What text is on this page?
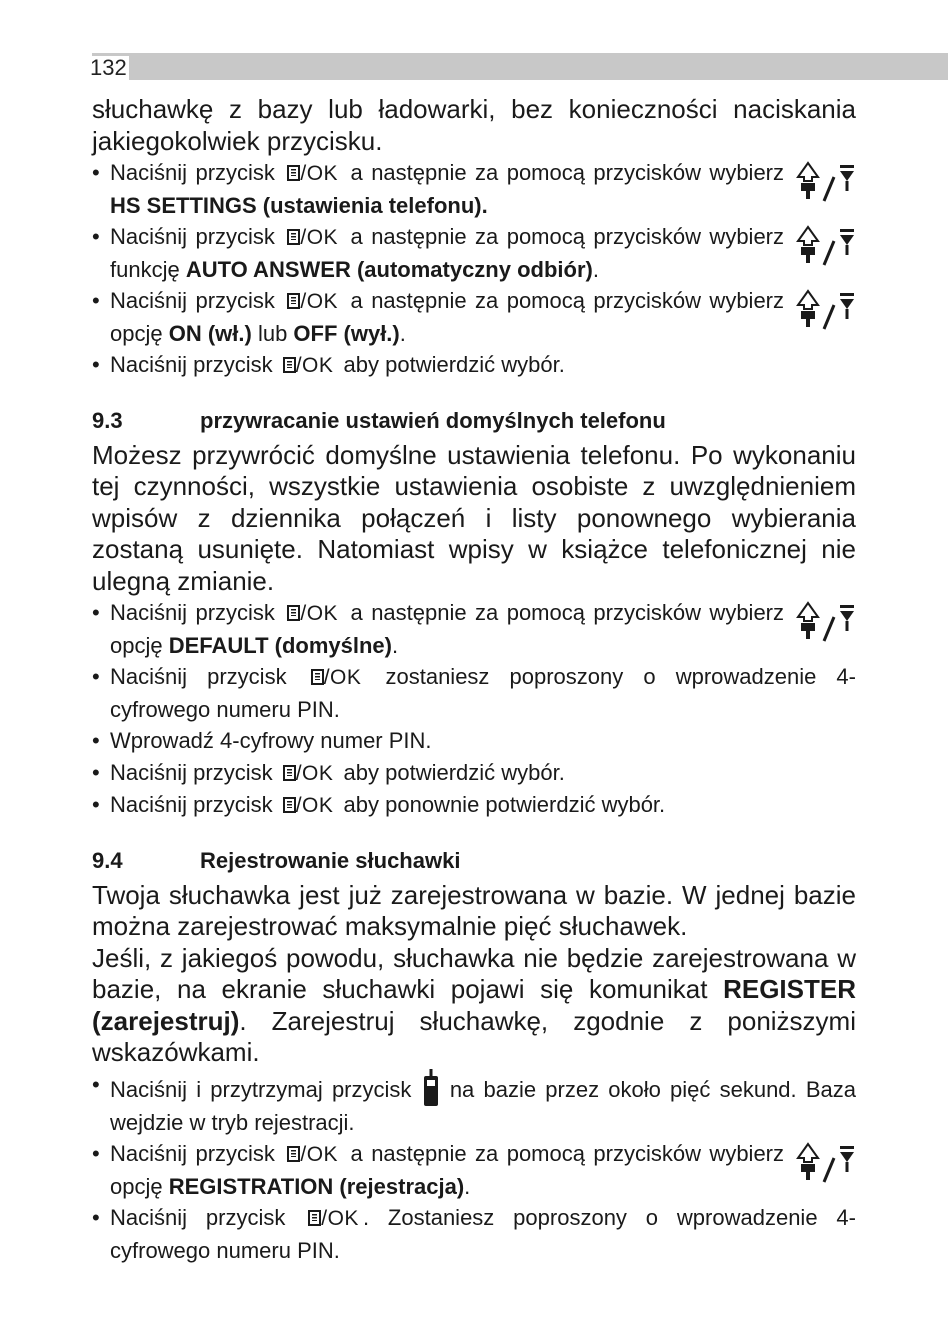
132

słuchawkę z bazy lub ładowarki, bez konieczności naciskania jakiegokolwiek przycisku.

• Naciśnij przycisk /OK a następnie za pomocą przycisków wybierz HS SETTINGS (ustawienia telefonu).
• Naciśnij przycisk /OK a następnie za pomocą przycisków wybierz funkcję AUTO ANSWER (automatyczny odbiór).
• Naciśnij przycisk /OK a następnie za pomocą przycisków wybierz opcję ON (wł.) lub OFF (wył.).
• Naciśnij przycisk /OK aby potwierdzić wybór.
9.3	przywracanie ustawień domyślnych telefonu

Możesz przywrócić domyślne ustawienia telefonu. Po wykonaniu tej czynności, wszystkie ustawienia osobiste z uwzględnieniem wpisów z dziennika połączeń i listy ponownego wybierania zostaną usunięte. Natomiast wpisy w książce telefonicznej nie ulegną zmianie.

• Naciśnij przycisk /OK a następnie za pomocą przycisków wybierz opcję DEFAULT (domyślne).
• Naciśnij przycisk /OK zostaniesz poproszony o wprowadzenie 4-cyfrowego numeru PIN.
• Wprowadź 4-cyfrowy numer PIN.
• Naciśnij przycisk /OK aby potwierdzić wybór.
• Naciśnij przycisk /OK aby ponownie potwierdzić wybór.
9.4	Rejestrowanie słuchawki

Twoja słuchawka jest już zarejestrowana w bazie. W jednej bazie można zarejestrować maksymalnie pięć słuchawek.

Jeśli, z jakiegoś powodu, słuchawka nie będzie zarejestrowana w bazie, na ekranie słuchawki pojawi się komunikat REGISTER (zarejestruj). Zarejestruj słuchawkę, zgodnie z poniższymi wskazówkami.

• Naciśnij i przytrzymaj przycisk na bazie przez około pięć sekund. Baza wejdzie w tryb rejestracji.
• Naciśnij przycisk /OK a następnie za pomocą przycisków wybierz opcję REGISTRATION (rejestracja).
• Naciśnij przycisk /OK . Zostaniesz poproszony o wprowadzenie 4-cyfrowego numeru PIN.
